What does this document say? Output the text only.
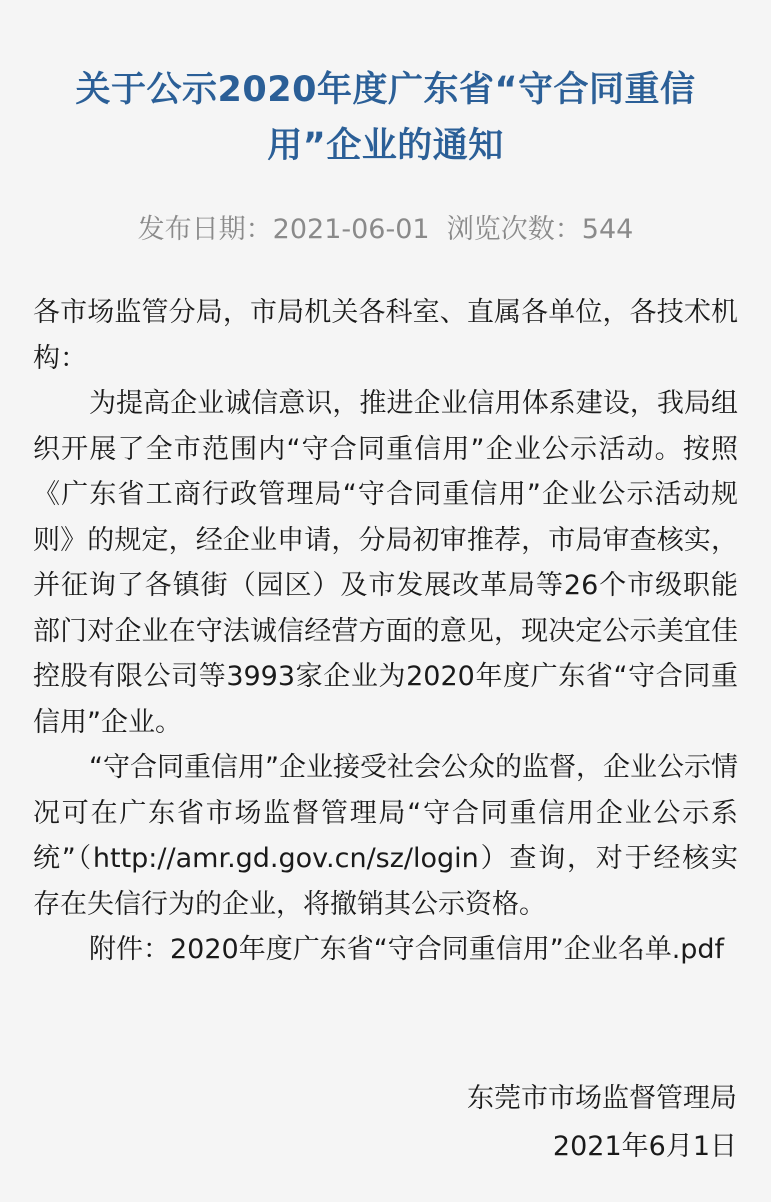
关于公示2020年度广东省“守合同重信用”企业的通知
发布日期：2021-06-01 浏览次数：544

各市场监管分局，市局机关各科室、直属各单位，各技术机构：

为提高企业诚信意识，推进企业信用体系建设，我局组织开展了全市范围内“守合同重信用”企业公示活动。按照《广东省工商行政管理局“守合同重信用”企业公示活动规则》的规定，经企业申请，分局初审推荐，市局审查核实，并征询了各镇街（园区）及市发展改革局等26个市级职能部门对企业在守法诚信经营方面的意见，现决定公示美宜佳控股有限公司等3993家企业为2020年度广东省“守合同重信用”企业。

“守合同重信用”企业接受社会公众的监督，企业公示情况可在广东省市场监督管理局“守合同重信用企业公示系统”（http://amr.gd.gov.cn/sz/login）查询，对于经核实存在失信行为的企业，将撤销其公示资格。

附件：2020年度广东省“守合同重信用”企业名单.pdf

东莞市市场监督管理局
2021年6月1日
